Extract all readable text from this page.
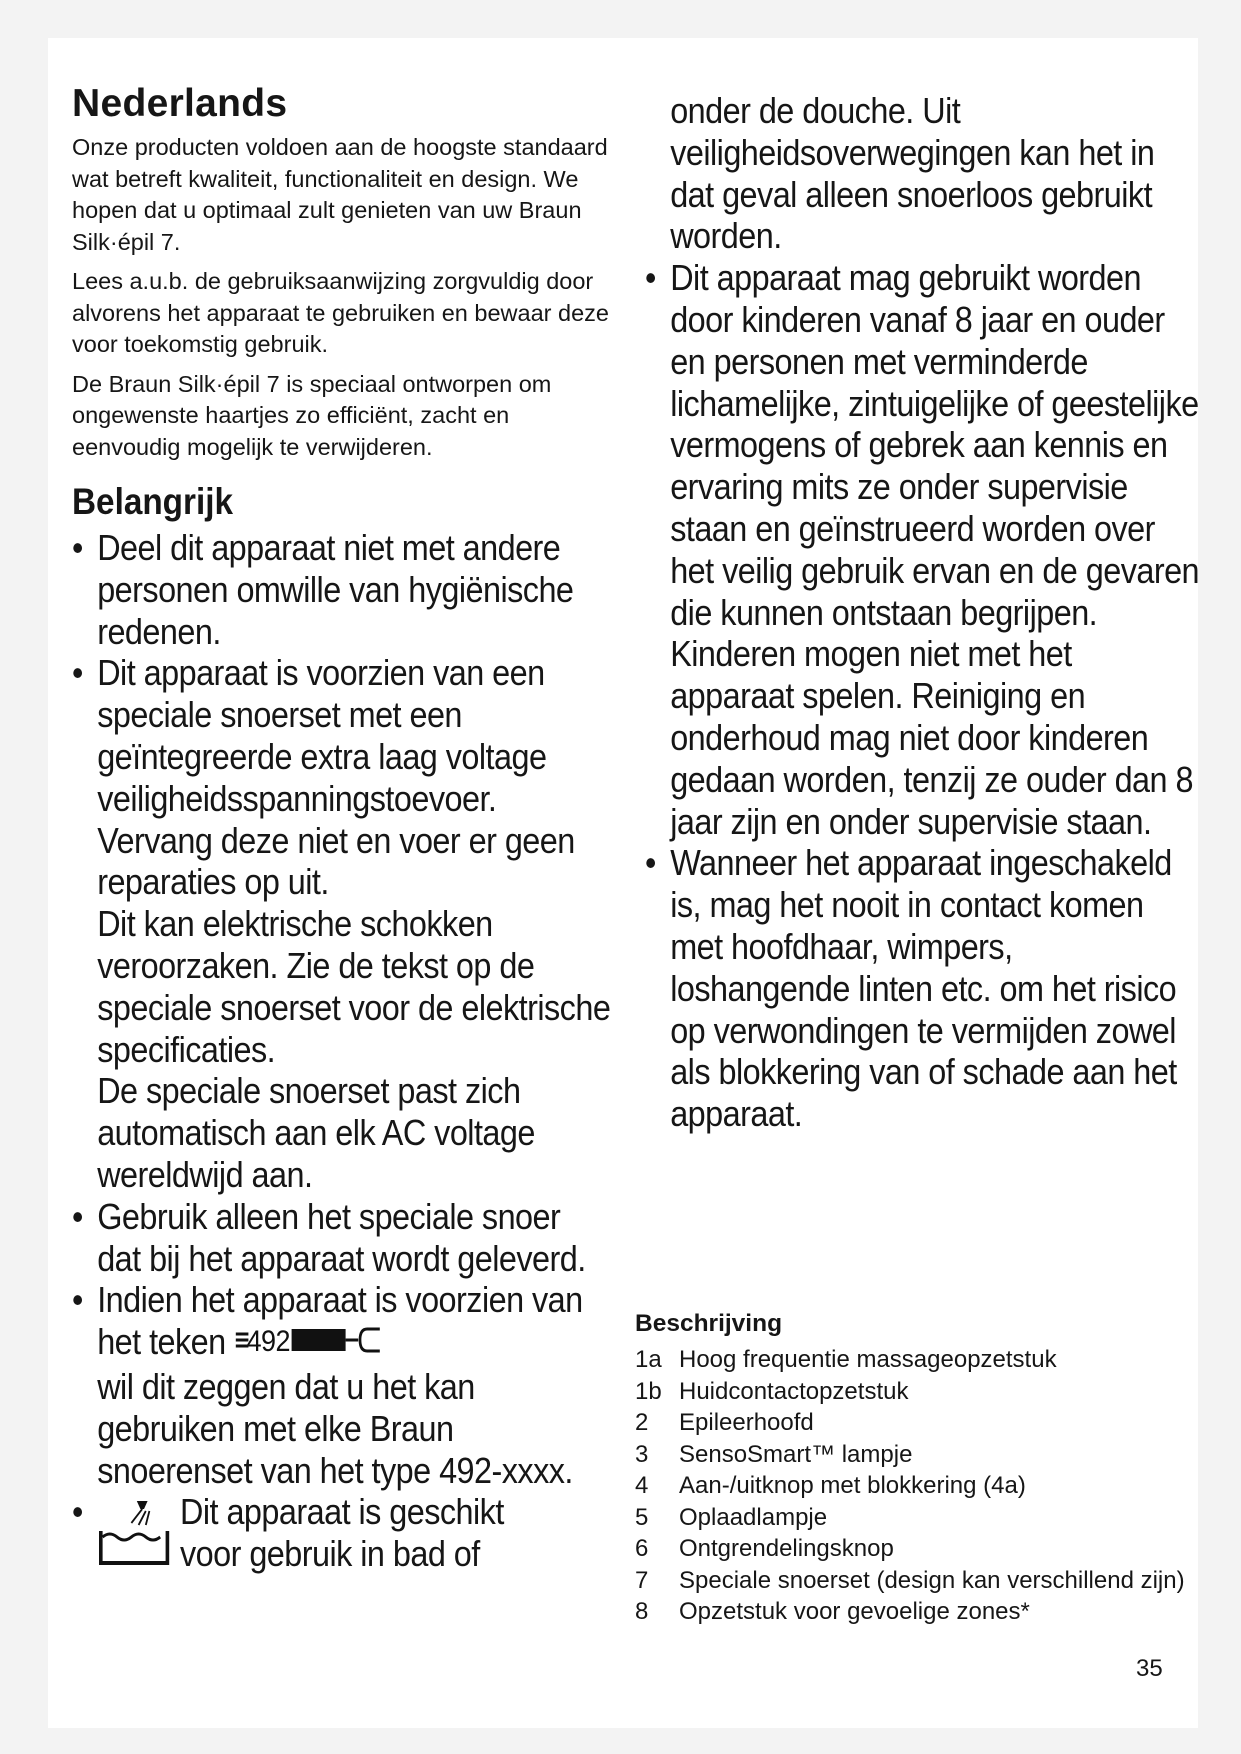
Nederlands

Onze producten voldoen aan de hoogste standaard wat betreft kwaliteit, functionaliteit en design. We hopen dat u optimaal zult genieten van uw Braun Silk·épil 7.

Lees a.u.b. de gebruiksaanwijzing zorgvuldig door alvorens het apparaat te gebruiken en bewaar deze voor toekomstig gebruik.

De Braun Silk·épil 7 is speciaal ontworpen om ongewenste haartjes zo efficiënt, zacht en eenvoudig mogelijk te verwijderen.

Belangrijk

• Deel dit apparaat niet met andere personen omwille van hygiënische redenen.

• Dit apparaat is voorzien van een speciale snoerset met een geïntegreerde extra laag voltage veiligheidsspanningstoevoer. Vervang deze niet en voer er geen reparaties op uit.

Dit kan elektrische schokken veroorzaken. Zie de tekst op de speciale snoerset voor de elektrische specificaties.

De speciale snoerset past zich automatisch aan elk AC voltage wereldwijd aan.

• Gebruik alleen het speciale snoer dat bij het apparaat wordt geleverd.

• Indien het apparaat is voorzien van het teken 492

wil dit zeggen dat u het kan gebruiken met elke Braun snoerenset van het type 492-xxxx.

•	Dit apparaat is geschikt
voor gebruik in bad of

onder de douche. Uit veiligheidsoverwegingen kan het in dat geval alleen snoerloos gebruikt worden.

• Dit apparaat mag gebruikt worden door kinderen vanaf 8 jaar en ouder en personen met verminderde lichamelijke, zintuigelijke of geestelijke vermogens of gebrek aan kennis en ervaring mits ze onder supervisie staan en geïnstrueerd worden over het veilig gebruik ervan en de gevaren die kunnen ontstaan begrijpen. Kinderen mogen niet met het apparaat spelen. Reiniging en onderhoud mag niet door kinderen gedaan worden, tenzij ze ouder dan 8 jaar zijn en onder supervisie staan.

• Wanneer het apparaat ingeschakeld is, mag het nooit in contact komen met hoofdhaar, wimpers, loshangende linten etc. om het risico op verwondingen te vermijden zowel als blokkering van of schade aan het apparaat.

Beschrijving
1a Hoog frequentie massageopzetstuk
1b Huidcontactopzetstuk
2	Epileerhoofd
3	SensoSmart™ lampje
4	Aan-/uitknop met blokkering (4a)
5	Oplaadlampje
6	Ontgrendelingsknop
7	Speciale snoerset (design kan verschillend zijn)
8	Opzetstuk voor gevoelige zones*
35
